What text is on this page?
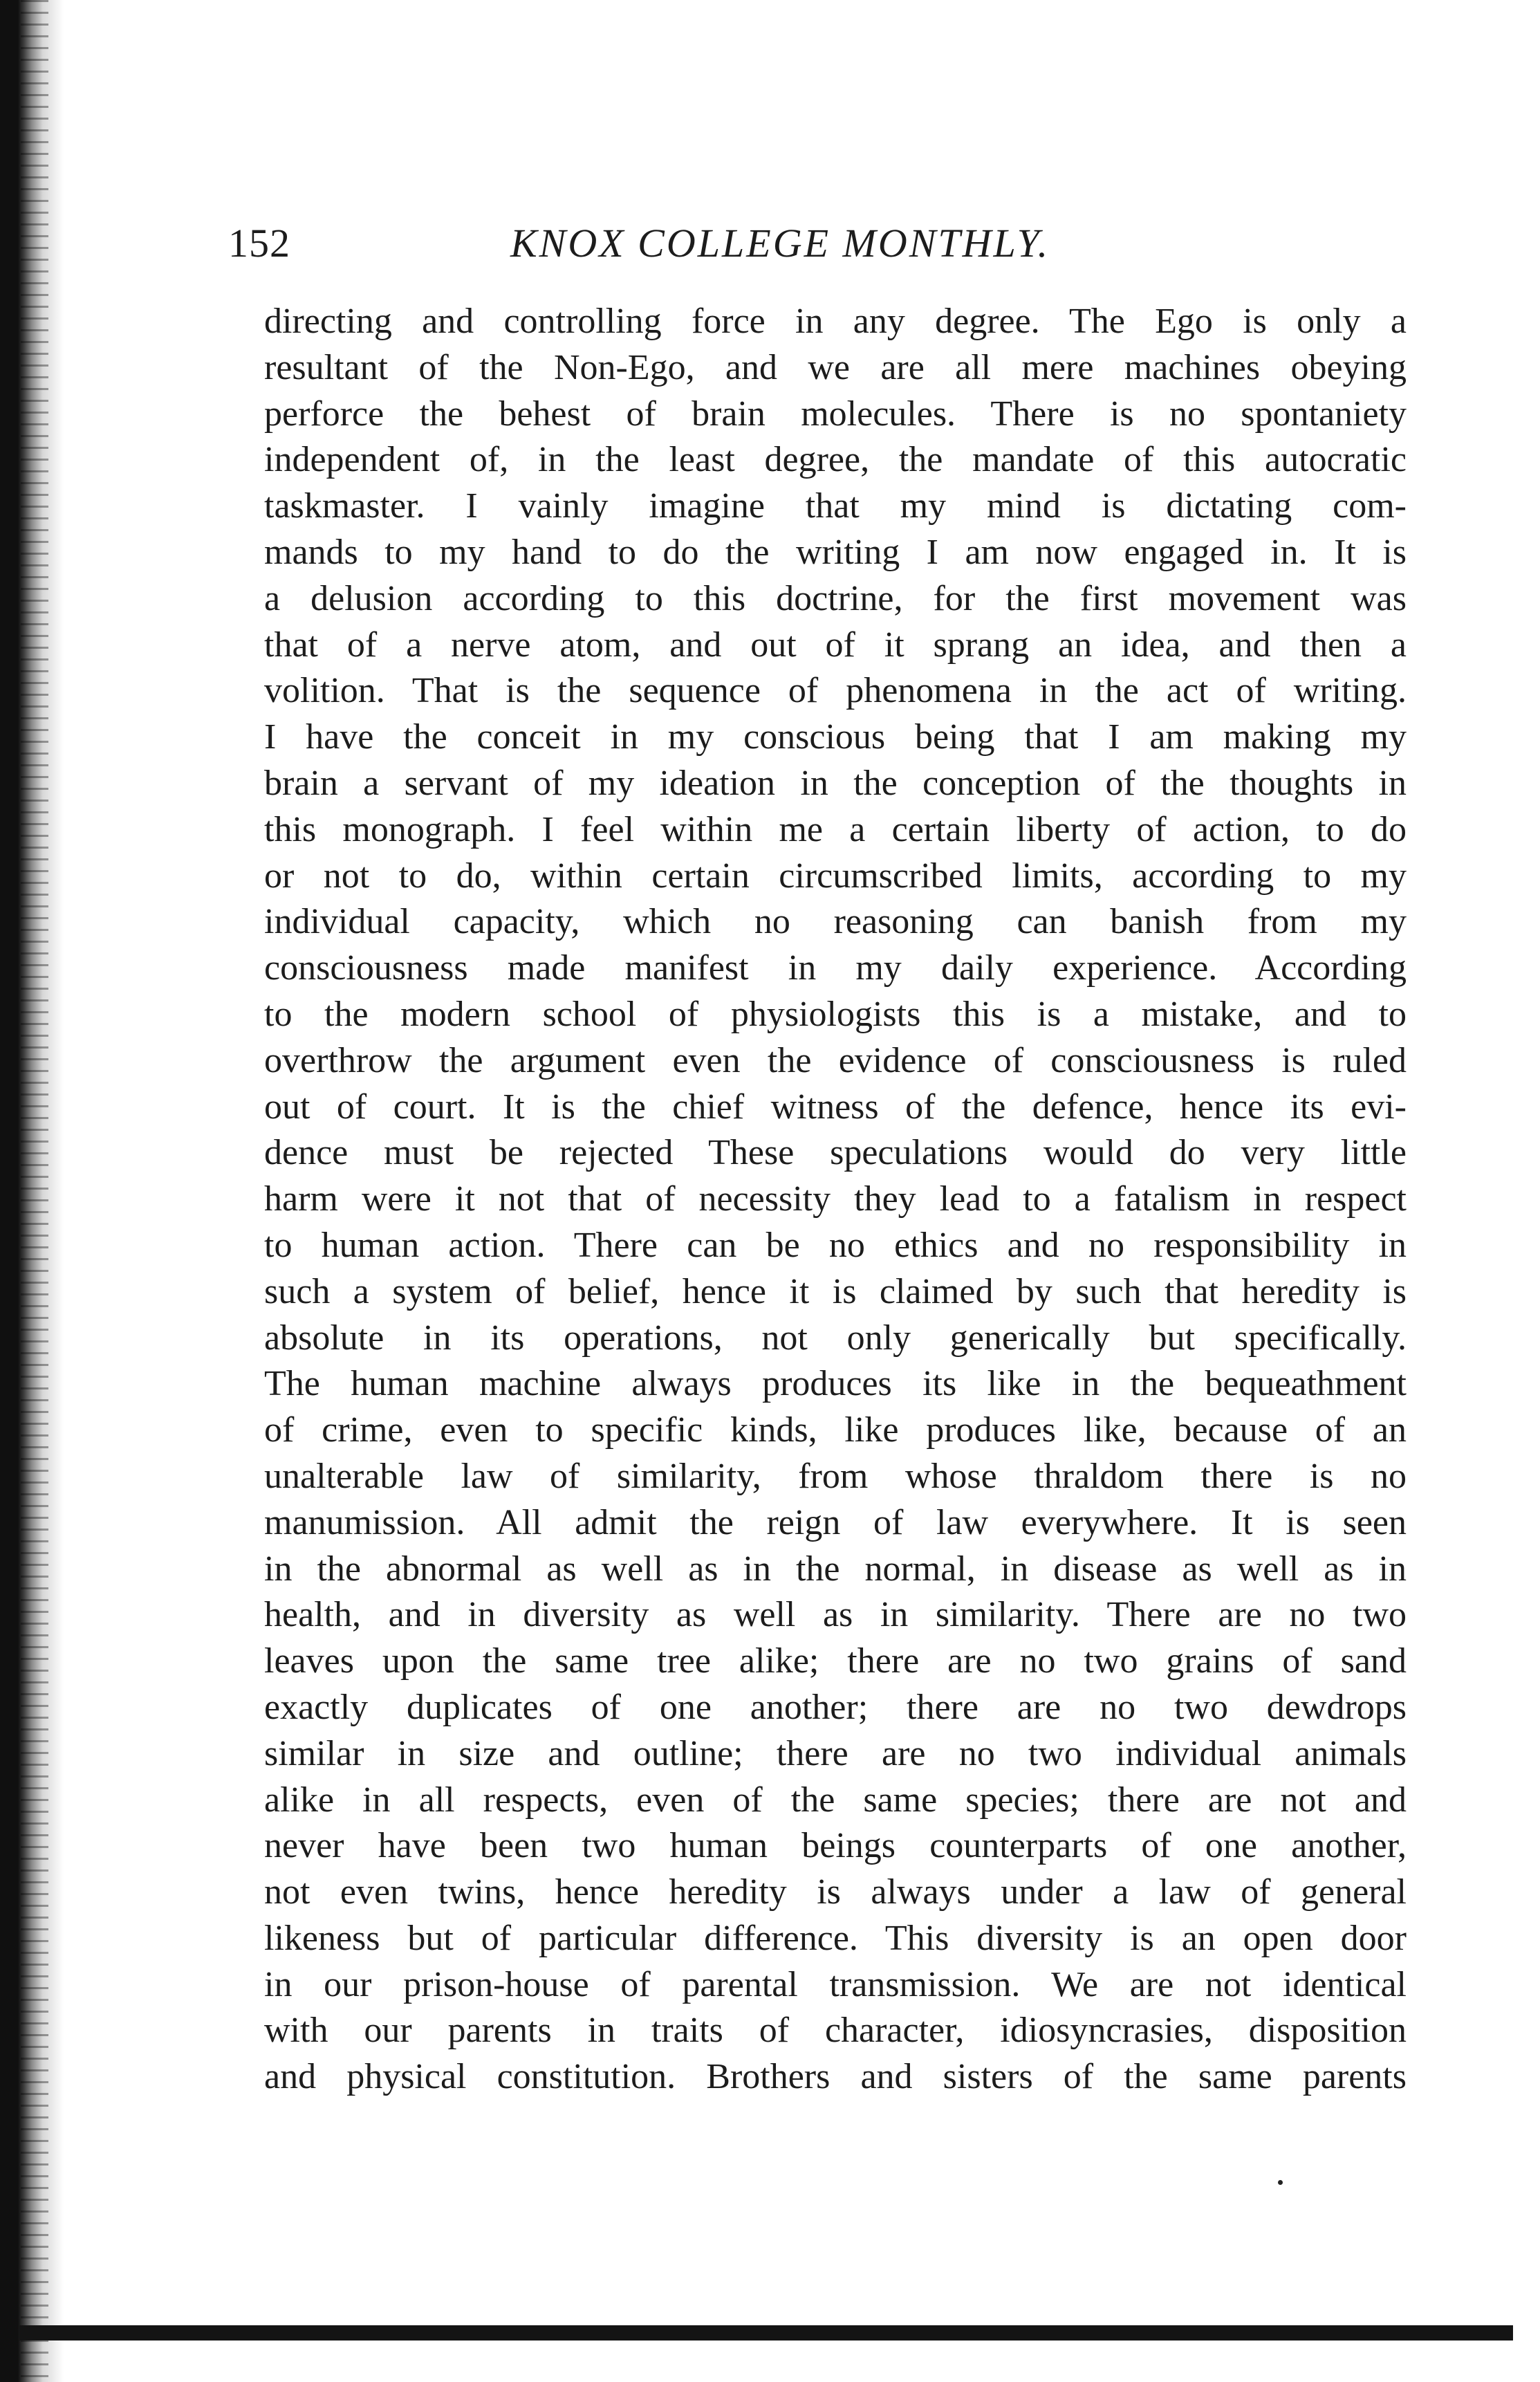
152	KNOX COLLEGE MONTHLY.
directing and controlling force in any degree. The Ego is only a
resultant of the Non-Ego, and we are all mere machines obeying
perforce the behest of brain molecules. There is no spontaniety
independent of, in the least degree, the mandate of this autocratic
taskmaster. I vainly imagine that my mind is dictating com-
mands to my hand to do the writing I am now engaged in. It is
a delusion according to this doctrine, for the first movement was
that of a nerve atom, and out of it sprang an idea, and then a
volition. That is the sequence of phenomena in the act of writing.
I have the conceit in my conscious being that I am making my
brain a servant of my ideation in the conception of the thoughts in
this monograph. I feel within me a certain liberty of action, to do
or not to do, within certain circumscribed limits, according to my
individual capacity, which no reasoning can banish from my
consciousness made manifest in my daily experience. According
to the modern school of physiologists this is a mistake, and to
overthrow the argument even the evidence of consciousness is ruled
out of court. It is the chief witness of the defence, hence its evi-
dence must be rejected These speculations would do very little
harm were it not that of necessity they lead to a fatalism in respect
to human action. There can be no ethics and no responsibility in
such a system of belief, hence it is claimed by such that heredity is
absolute in its operations, not only generically but specifically.
The human machine always produces its like in the bequeathment
of crime, even to specific kinds, like produces like, because of an
unalterable law of similarity, from whose thraldom there is no
manumission. All admit the reign of law everywhere. It is seen
in the abnormal as well as in the normal, in disease as well as in
health, and in diversity as well as in similarity. There are no two
leaves upon the same tree alike; there are no two grains of sand
exactly duplicates of one another; there are no two dewdrops
similar in size and outline; there are no two individual animals
alike in all respects, even of the same species; there are not and
never have been two human beings counterparts of one another,
not even twins, hence heredity is always under a law of general
likeness but of particular difference. This diversity is an open door
in our prison-house of parental transmission. We are not identical
with our parents in traits of character, idiosyncrasies, disposition
and physical constitution. Brothers and sisters of the same parents
